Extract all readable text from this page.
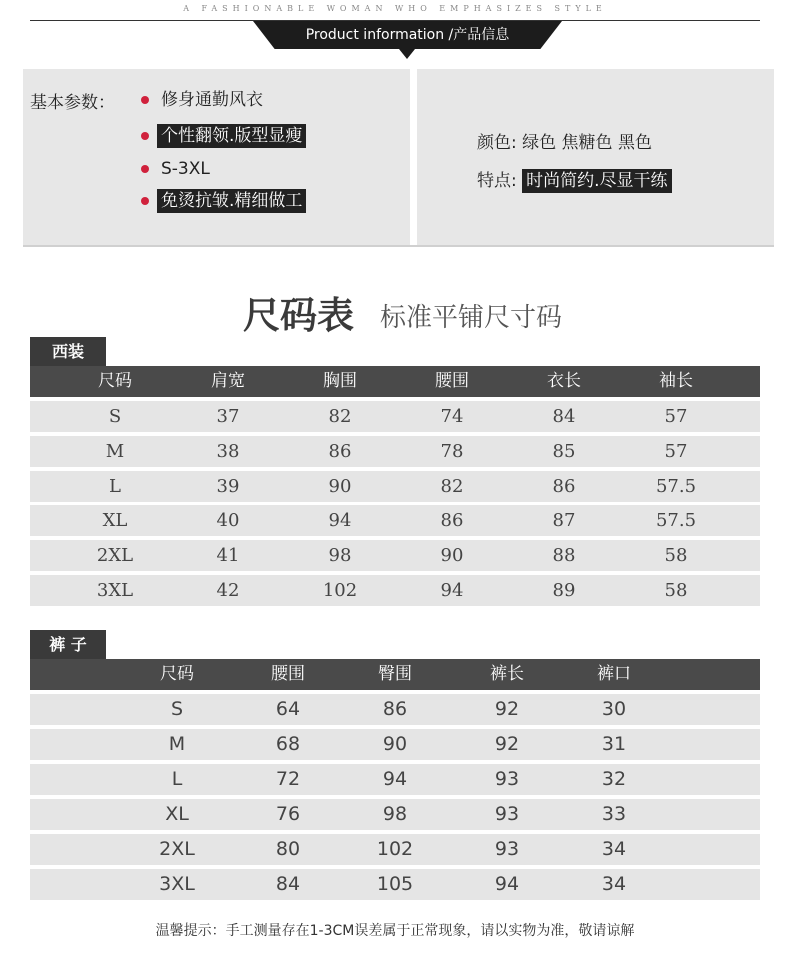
A FASHIONABLE WOMAN WHO EMPHASIZES STYLE
Product information /产品信息
基本参数：	修身通勤风衣
个性翻领.版型显瘦
S-3XL
免烫抗皱.精细做工
颜色: 绿色 焦糖色 黑色
特点: 时尚简约.尽显干练
尺码表 标准平铺尺寸码
西装
尺码	肩宽	胸围	腰围	衣长	袖长
S	37	82	74	84	57
M	38	86	78	85	57
L	39	90	82	86	57.5
XL	40	94	86	87	57.5
2XL	41	98	90	88	58
3XL	42	102	94	89	58
裤 子
尺码	腰围	臀围	裤长	裤口
S	64	86	92	30
M	68	90	92	31
L	72	94	93	32
XL	76	98	93	33
2XL	80	102	93	34
3XL	84	105	94	34
温馨提示：手工测量存在1-3CM误差属于正常现象，请以实物为准，敬请谅解
